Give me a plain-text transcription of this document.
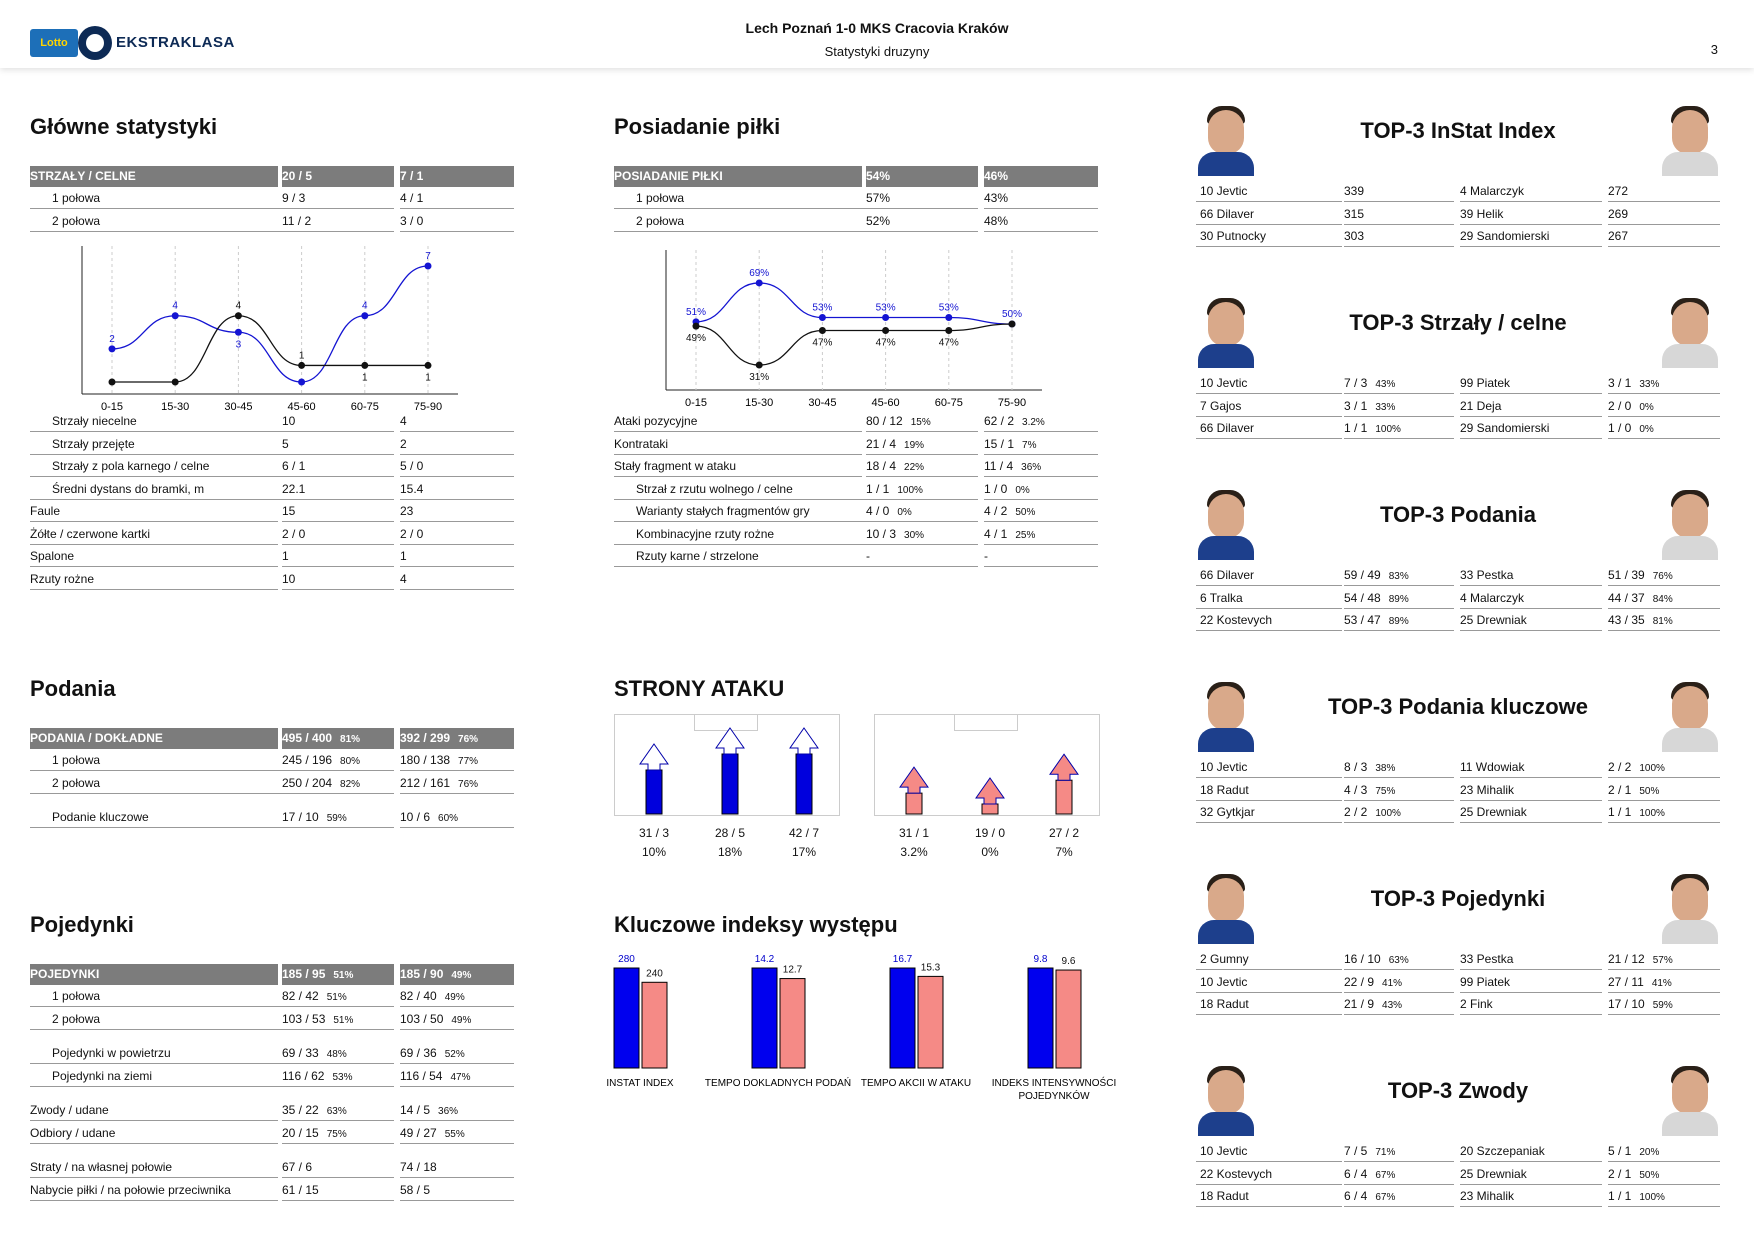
Lotto	EKSTRAKLASA
Lech Poznań 1-0 MKS Cracovia Kraków
Statystyki druzyny	3
Główne statystyki
STRZAŁY / CELNE	20 / 5	7 / 1
1 połowa	9 / 3	4 / 1
2 połowa	11 / 2	3 / 0
0-15	15-30	30-45	45-60	60-75	75-90
2
4
3
4
7
4
1
1	1
Strzały niecelne	10	4
Strzały przejęte	5	2
Strzały z pola karnego / celne	6 / 1	5 / 0
Średni dystans do bramki, m	22.1	15.4
Faule	15	23
Żółte / czerwone kartki	2 / 0	2 / 0
Spalone	1	1
Rzuty rożne	10	4
Podania
PODANIA / DOKŁADNE	495 / 400 81%	392 / 299 76%
1 połowa	245 / 196 80%	180 / 138 77%
2 połowa	250 / 204 82%	212 / 161 76%
Podanie kluczowe	17 / 10 59%	10 / 6 60%
Pojedynki
POJEDYNKI	185 / 95 51%	185 / 90 49%
1 połowa	82 / 42 51%	82 / 40 49%
2 połowa	103 / 53 51%	103 / 50 49%
Pojedynki w powietrzu	69 / 33 48%	69 / 36 52%
Pojedynki na ziemi	116 / 62 53%	116 / 54 47%
Zwody / udane	35 / 22 63%	14 / 5 36%
Odbiory / udane	20 / 15 75%	49 / 27 55%
Straty / na własnej połowie	67 / 6	74 / 18
Nabycie piłki / na połowie przeciwnika	61 / 15	58 / 5
Posiadanie piłki
POSIADANIE PIŁKI	54%	46%
1 połowa	57%	43%
2 połowa	52%	48%
0-15	15-30	30-45	45-60	60-75	75-90
51%
69%
53%	53%	53%
50%
49%
31%
47%	47%	47%
Ataki pozycyjne	80 / 12 15%	62 / 2 3.2%
Kontrataki	21 / 4 19%	15 / 1 7%
Stały fragment w ataku	18 / 4 22%	11 / 4 36%
Strzał z rzutu wolnego / celne	1 / 1 100%	1 / 0 0%
Warianty stałych fragmentów gry	4 / 0 0%	4 / 2 50%
Kombinacyjne rzuty rożne	10 / 3 30%	4 / 1 25%
Rzuty karne / strzelone	-	-
STRONY ATAKU
31 / 3
10%
28 / 5
18%
42 / 7
17%
31 / 1
3.2%
19 / 0
0%
27 / 2
7%
Kluczowe indeksy występu
280
240
14.2
12.7
16.7
15.3
9.8 9.6
INSTAT INDEX	TEMPO DOKLADNYCH PODAŃ TEMPO AKCII W ATAKU INDEKS INTENSYWNOŚCI POJEDYNKÓW
TOP-3 InStat Index
10 Jevtic	339	4 Malarczyk	272
66 Dilaver	315	39 Helik	269
30 Putnocky	303	29 Sandomierski	267
TOP-3 Strzały / celne
10 Jevtic	7 / 3 43%	99 Piatek	3 / 1 33%
7 Gajos	3 / 1 33%	21 Deja	2 / 0 0%
66 Dilaver	1 / 1 100%	29 Sandomierski	1 / 0 0%
TOP-3 Podania
66 Dilaver	59 / 49 83%	33 Pestka	51 / 39 76%
6 Tralka	54 / 48 89%	4 Malarczyk	44 / 37 84%
22 Kostevych	53 / 47 89%	25 Drewniak	43 / 35 81%
TOP-3 Podania kluczowe
10 Jevtic	8 / 3 38%	11 Wdowiak	2 / 2 100%
18 Radut	4 / 3 75%	23 Mihalik	2 / 1 50%
32 Gytkjar	2 / 2 100%	25 Drewniak	1 / 1 100%
TOP-3 Pojedynki
2 Gumny	16 / 10 63%	33 Pestka	21 / 12 57%
10 Jevtic	22 / 9 41%	99 Piatek	27 / 11 41%
18 Radut	21 / 9 43%	2 Fink	17 / 10 59%
TOP-3 Zwody
10 Jevtic	7 / 5 71%	20 Szczepaniak	5 / 1 20%
22 Kostevych	6 / 4 67%	25 Drewniak	2 / 1 50%
18 Radut	6 / 4 67%	23 Mihalik	1 / 1 100%
